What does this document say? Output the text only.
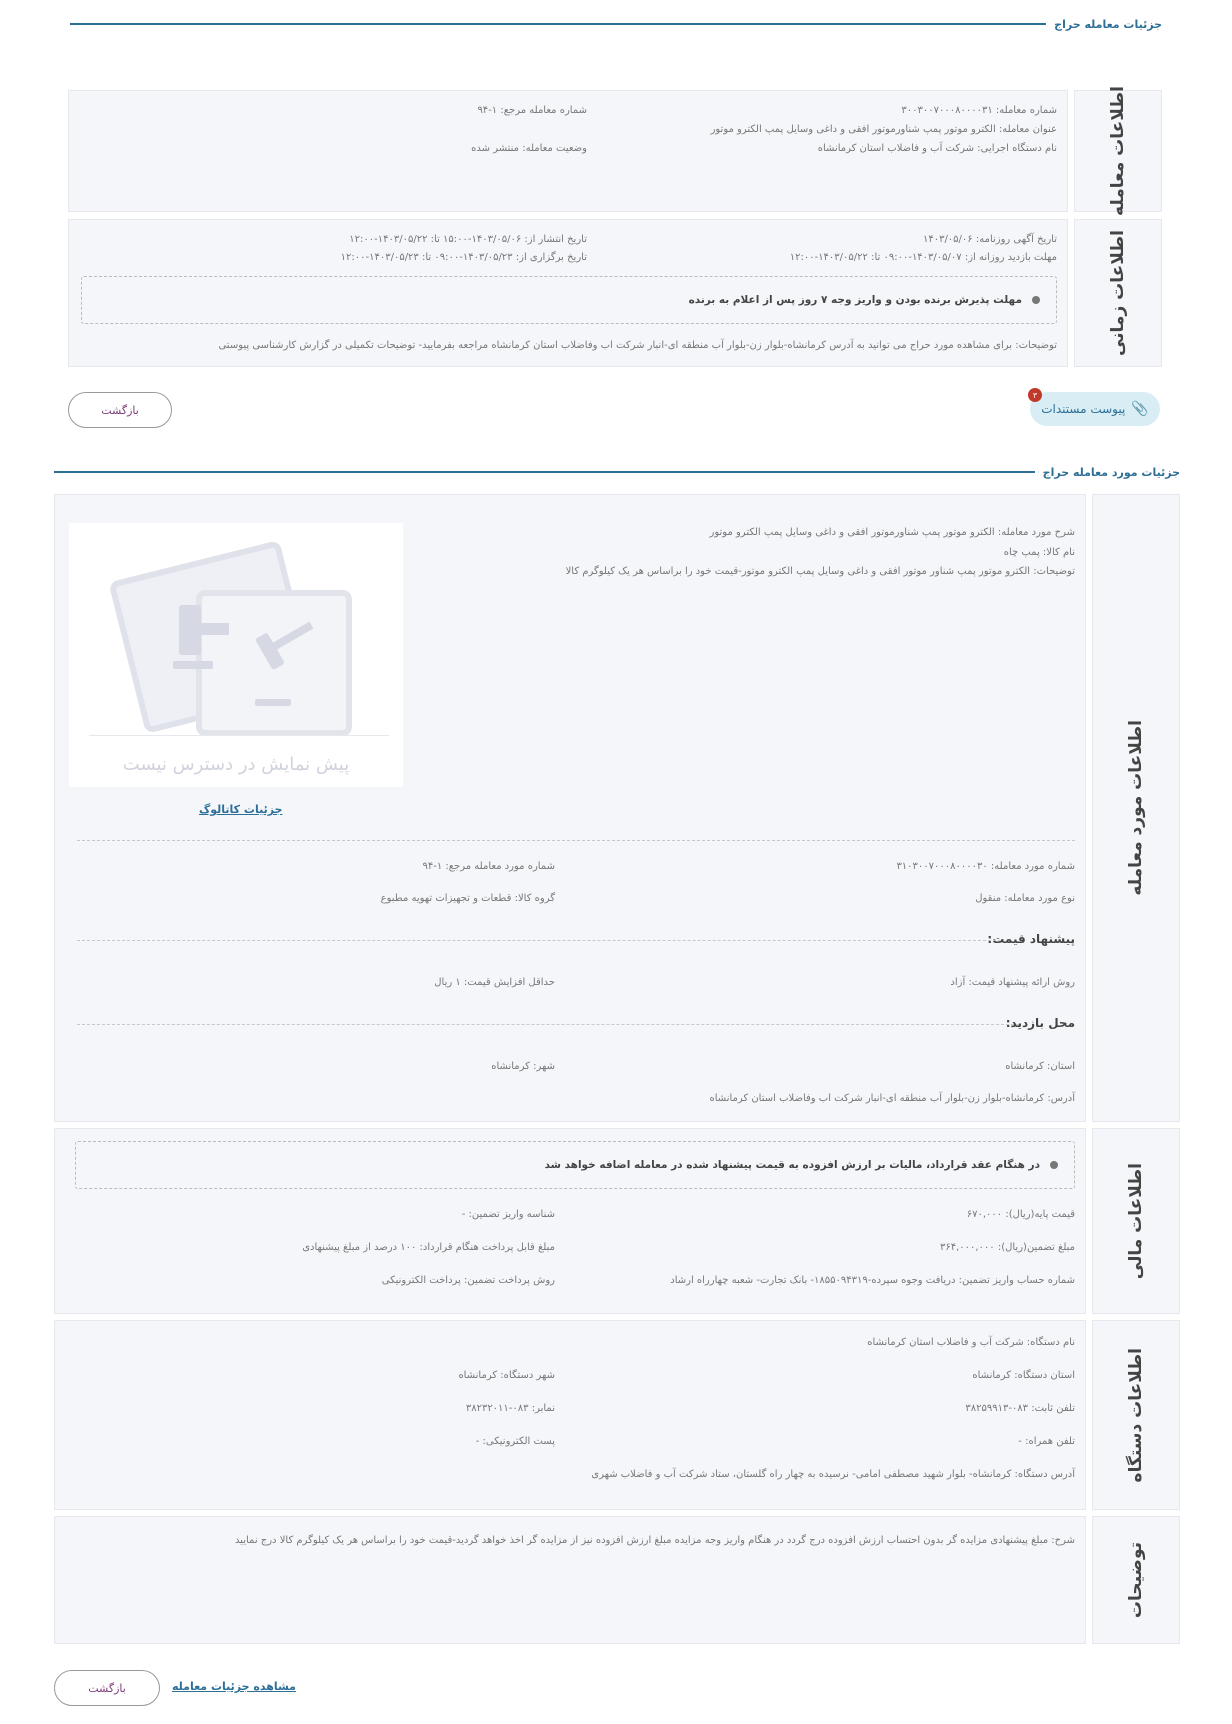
جزئیات معامله حراج
اطلاعات معامله
شماره معامله: ۳۰۰۳۰۰۷۰۰۰۸۰۰۰۰۳۱
عنوان معامله: الکترو موتور پمپ شناورموتور افقی و داغی وسایل پمپ الکترو موتور
نام دستگاه اجرایی: شرکت آب و فاضلاب استان کرمانشاه
شماره معامله مرجع: ۱-۹۴
وضعیت معامله: منتشر شده
اطلاعات زمانی
تاریخ آگهی روزنامه: ۱۴۰۳/۰۵/۰۶
مهلت بازدید روزانه از: ۱۴۰۳/۰۵/۰۷-۰۹:۰۰ تا: ۱۴۰۳/۰۵/۲۲-۱۲:۰۰
تاریخ انتشار از: ۱۴۰۳/۰۵/۰۶-۱۵:۰۰ تا: ۱۴۰۳/۰۵/۲۲-۱۲:۰۰
تاریخ برگزاری از: ۱۴۰۳/۰۵/۲۳-۰۹:۰۰ تا: ۱۴۰۳/۰۵/۲۳-۱۲:۰۰
مهلت پذیرش برنده بودن و واریز وجه ۷ روز پس از اعلام به برنده
توضیحات: برای مشاهده مورد حراج می توانید به آدرس کرمانشاه-بلوار زن-بلوار آب منطقه ای-انبار شرکت اب وفاضلاب استان کرمانشاه مراجعه بفرمایید- توضیحات تکمیلی در گزارش کارشناسی پیوستی
📎
پیوست مستندات
۳
بازگشت
جزئیات مورد معامله حراج
اطلاعات مورد معامله
شرح مورد معامله: الکترو موتور پمپ شناورموتور افقی و داغی وسایل پمپ الکترو موتور
نام کالا: پمپ چاه
توضیحات: الکترو موتور پمپ شناور موتور افقی و داغی وسایل پمپ الکترو موتور-قیمت خود را براساس هر یک کیلوگرم کالا
پیش نمایش در دسترس نیست
جزئیات کاتالوگ
شماره مورد معامله: ۳۱۰۳۰۰۷۰۰۰۸۰۰۰۰۳۰
شماره مورد معامله مرجع: ۱-۹۴
نوع مورد معامله: منقول
گروه کالا: قطعات و تجهیزات تهویه مطبوع
پیشنهاد قیمت:
روش ارائه پیشنهاد قیمت: آزاد
حداقل افزایش قیمت: ۱ ریال
محل بازدید:
استان: کرمانشاه
شهر: کرمانشاه
آدرس: کرمانشاه-بلوار زن-بلوار آب منطقه ای-انبار شرکت اب وفاضلاب استان کرمانشاه
اطلاعات مالی
در هنگام عقد قرارداد، مالیات بر ارزش افزوده به قیمت پیشنهاد شده در معامله اضافه خواهد شد
قیمت پایه(ریال): ۶۷۰,۰۰۰
شناسه واریز تضمین: -
مبلغ تضمین(ریال): ۳۶۴,۰۰۰,۰۰۰
مبلغ قابل پرداخت هنگام قرارداد: ۱۰۰ درصد از مبلغ پیشنهادی
شماره حساب واریز تضمین: دریافت وجوه سپرده-۱۸۵۵۰۹۴۳۱۹- بانک تجارت- شعبه چهارراه ارشاد
روش پرداخت تضمین: پرداخت الکترونیکی
اطلاعات دستگاه
نام دستگاه: شرکت آب و فاضلاب استان کرمانشاه
استان دستگاه: کرمانشاه
شهر دستگاه: کرمانشاه
تلفن ثابت: ۰۸۳-۳۸۲۵۹۹۱۳
نمابر: ۰۸۳-۳۸۲۳۲۰۱۱
تلفن همراه: -
پست الکترونیکی: -
آدرس دستگاه: کرمانشاه- بلوار شهید مصطفی امامی- نرسیده به چهار راه گلستان، ستاد شرکت آب و فاضلاب شهری
توضیحات
شرح: مبلغ پیشنهادی مزایده گر بدون احتساب ارزش افزوده درج گردد در هنگام واریز وجه مزایده مبلغ ارزش افزوده نیز از مزایده گر اخذ خواهد گردید-قیمت خود را براساس هر یک کیلوگرم کالا درج نمایید
بازگشت	مشاهده جزئیات معامله
